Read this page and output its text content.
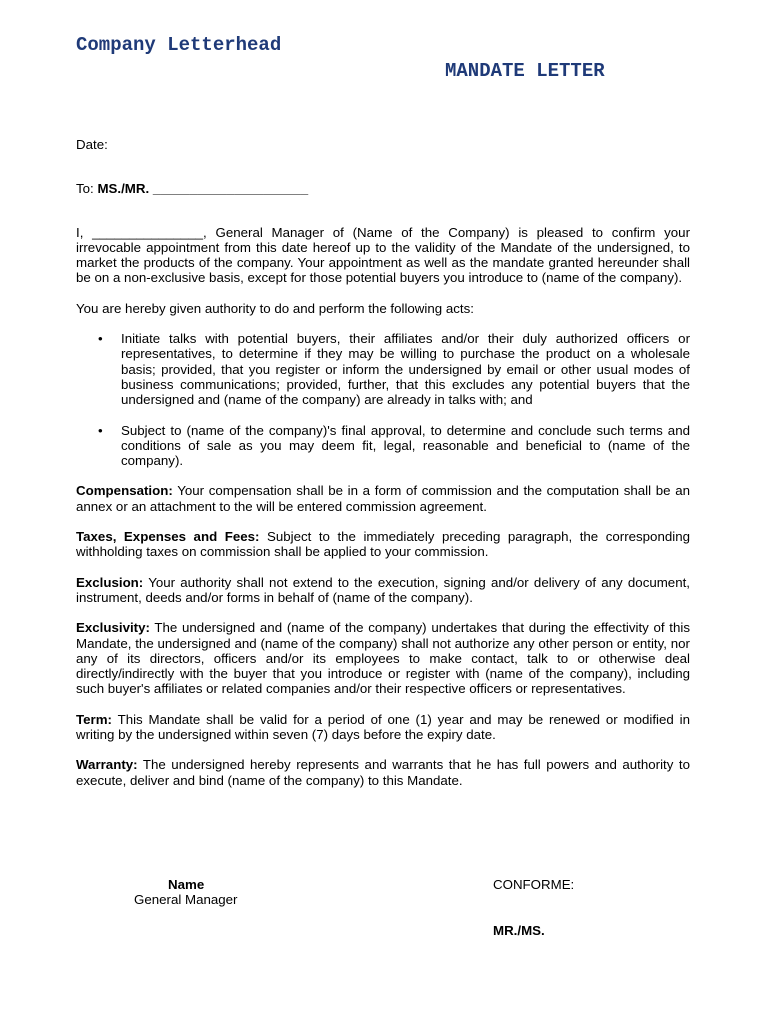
Company Letterhead
MANDATE LETTER

Date:

To: MS./MR. _____________________

I, _______________, General Manager of (Name of the Company) is pleased to confirm your irrevocable appointment from this date hereof up to the validity of the Mandate of the undersigned, to market the products of the company. Your appointment as well as the mandate granted hereunder shall be on a non-exclusive basis, except for those potential buyers you introduce to (name of the company).

You are hereby given authority to do and perform the following acts:

• Initiate talks with potential buyers, their affiliates and/or their duly authorized officers or representatives, to determine if they may be willing to purchase the product on a wholesale basis; provided, that you register or inform the undersigned by email or other usual modes of business communications; provided, further, that this excludes any potential buyers that the undersigned and (name of the company) are already in talks with; and
• Subject to (name of the company)'s final approval, to determine and conclude such terms and conditions of sale as you may deem fit, legal, reasonable and beneficial to (name of the company).

Compensation: Your compensation shall be in a form of commission and the computation shall be an annex or an attachment to the will be entered commission agreement.

Taxes, Expenses and Fees: Subject to the immediately preceding paragraph, the corresponding withholding taxes on commission shall be applied to your commission.

Exclusion: Your authority shall not extend to the execution, signing and/or delivery of any document, instrument, deeds and/or forms in behalf of (name of the company).

Exclusivity: The undersigned and (name of the company) undertakes that during the effectivity of this Mandate, the undersigned and (name of the company) shall not authorize any other person or entity, nor any of its directors, officers and/or its employees to make contact, talk to or otherwise deal directly/indirectly with the buyer that you introduce or register with (name of the company), including such buyer's affiliates or related companies and/or their respective officers or representatives.

Term: This Mandate shall be valid for a period of one (1) year and may be renewed or modified in writing by the undersigned within seven (7) days before the expiry date.

Warranty: The undersigned hereby represents and warrants that he has full powers and authority to execute, deliver and bind (name of the company) to this Mandate.

Name
General Manager
CONFORME:
MR./MS.
